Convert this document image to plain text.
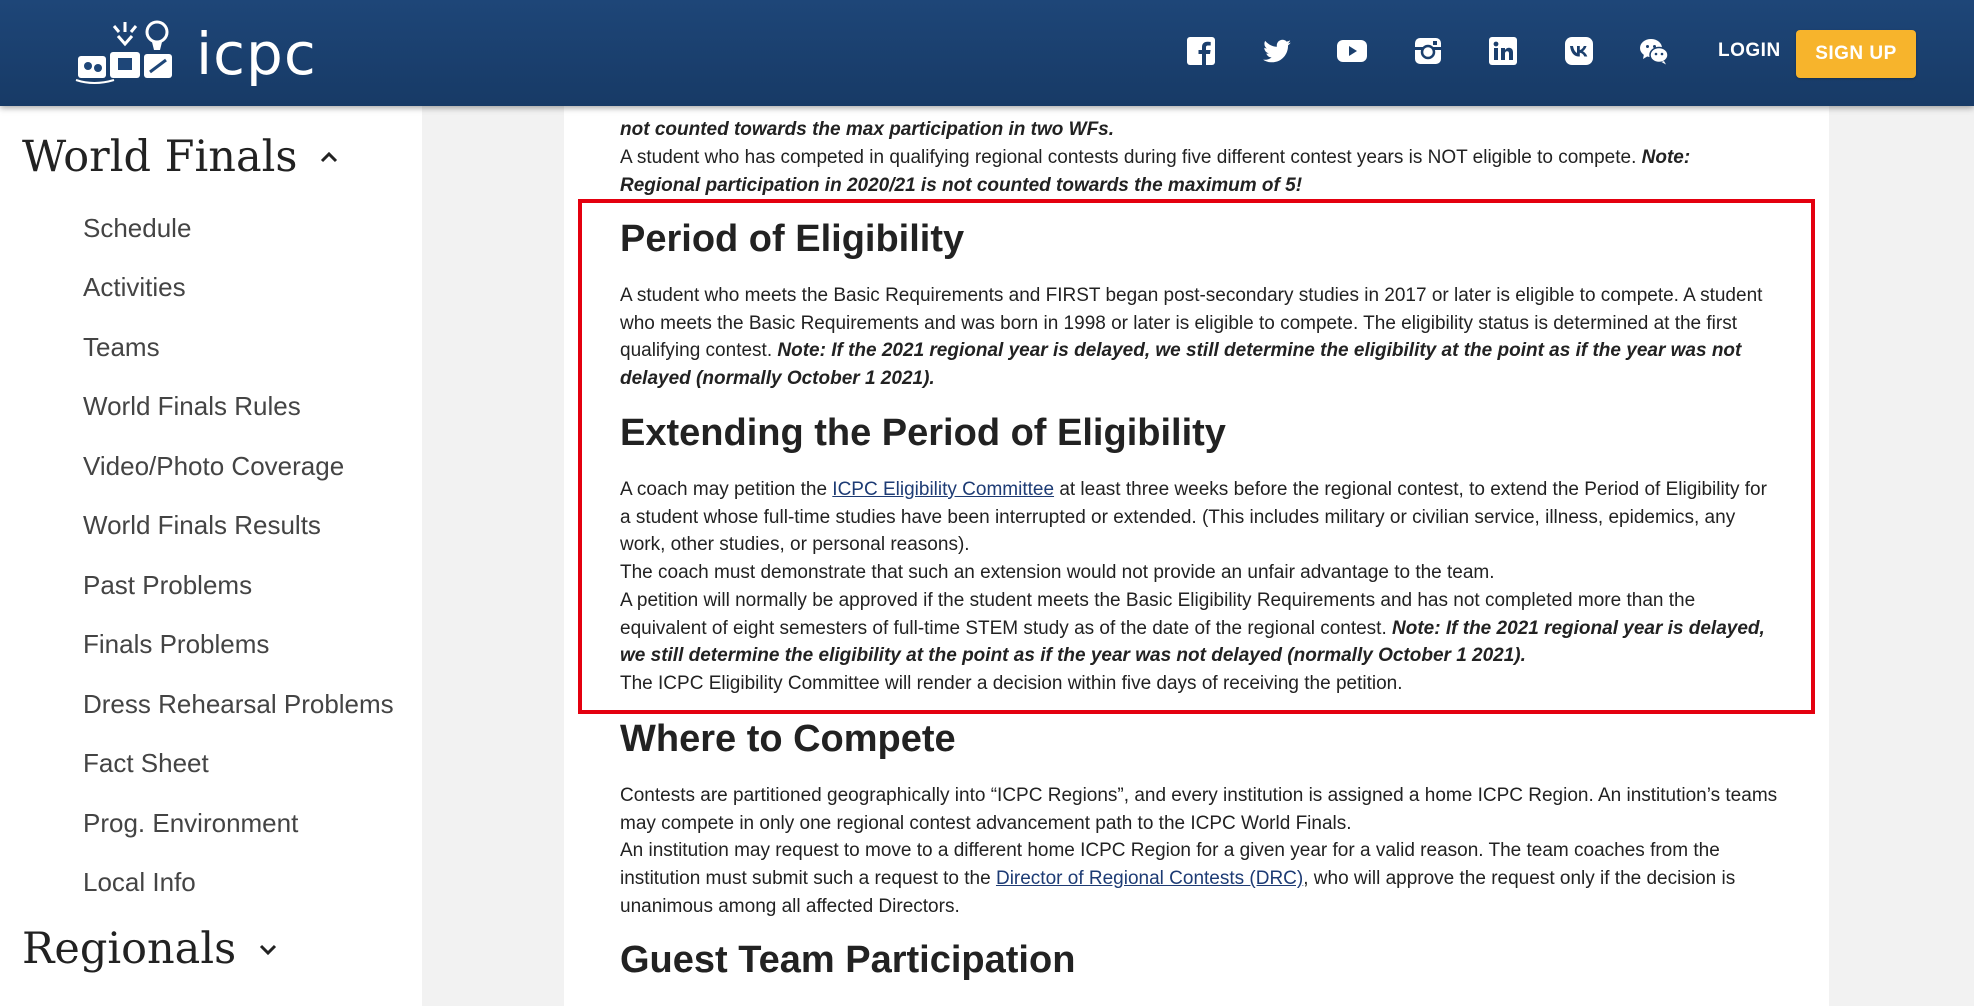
icpc	LOGIN	SIGN UP
World Finals
Schedule
Activities
Teams
World Finals Rules
Video/Photo Coverage
World Finals Results
Past Problems
Finals Problems
Dress Rehearsal Problems
Fact Sheet
Prog. Environment
Local Info
Regionals
not counted towards the max participation in two WFs.
A student who has competed in qualifying regional contests during five different contest years is NOT eligible to compete. Note: Regional participation in 2020/21 is not counted towards the maximum of 5!
Period of Eligibility
A student who meets the Basic Requirements and FIRST began post-secondary studies in 2017 or later is eligible to compete. A student who meets the Basic Requirements and was born in 1998 or later is eligible to compete. The eligibility status is determined at the first qualifying contest. Note: If the 2021 regional year is delayed, we still determine the eligibility at the point as if the year was not delayed (normally October 1 2021).
Extending the Period of Eligibility
A coach may petition the ICPC Eligibility Committee at least three weeks before the regional contest, to extend the Period of Eligibility for a student whose full-time studies have been interrupted or extended. (This includes military or civilian service, illness, epidemics, any work, other studies, or personal reasons).
The coach must demonstrate that such an extension would not provide an unfair advantage to the team.
A petition will normally be approved if the student meets the Basic Eligibility Requirements and has not completed more than the equivalent of eight semesters of full-time STEM study as of the date of the regional contest. Note: If the 2021 regional year is delayed, we still determine the eligibility at the point as if the year was not delayed (normally October 1 2021).
The ICPC Eligibility Committee will render a decision within five days of receiving the petition.
Where to Compete
Contests are partitioned geographically into “ICPC Regions”, and every institution is assigned a home ICPC Region. An institution’s teams may compete in only one regional contest advancement path to the ICPC World Finals.
An institution may request to move to a different home ICPC Region for a given year for a valid reason. The team coaches from the institution must submit such a request to the Director of Regional Contests (DRC), who will approve the request only if the decision is unanimous among all affected Directors.
Guest Team Participation
